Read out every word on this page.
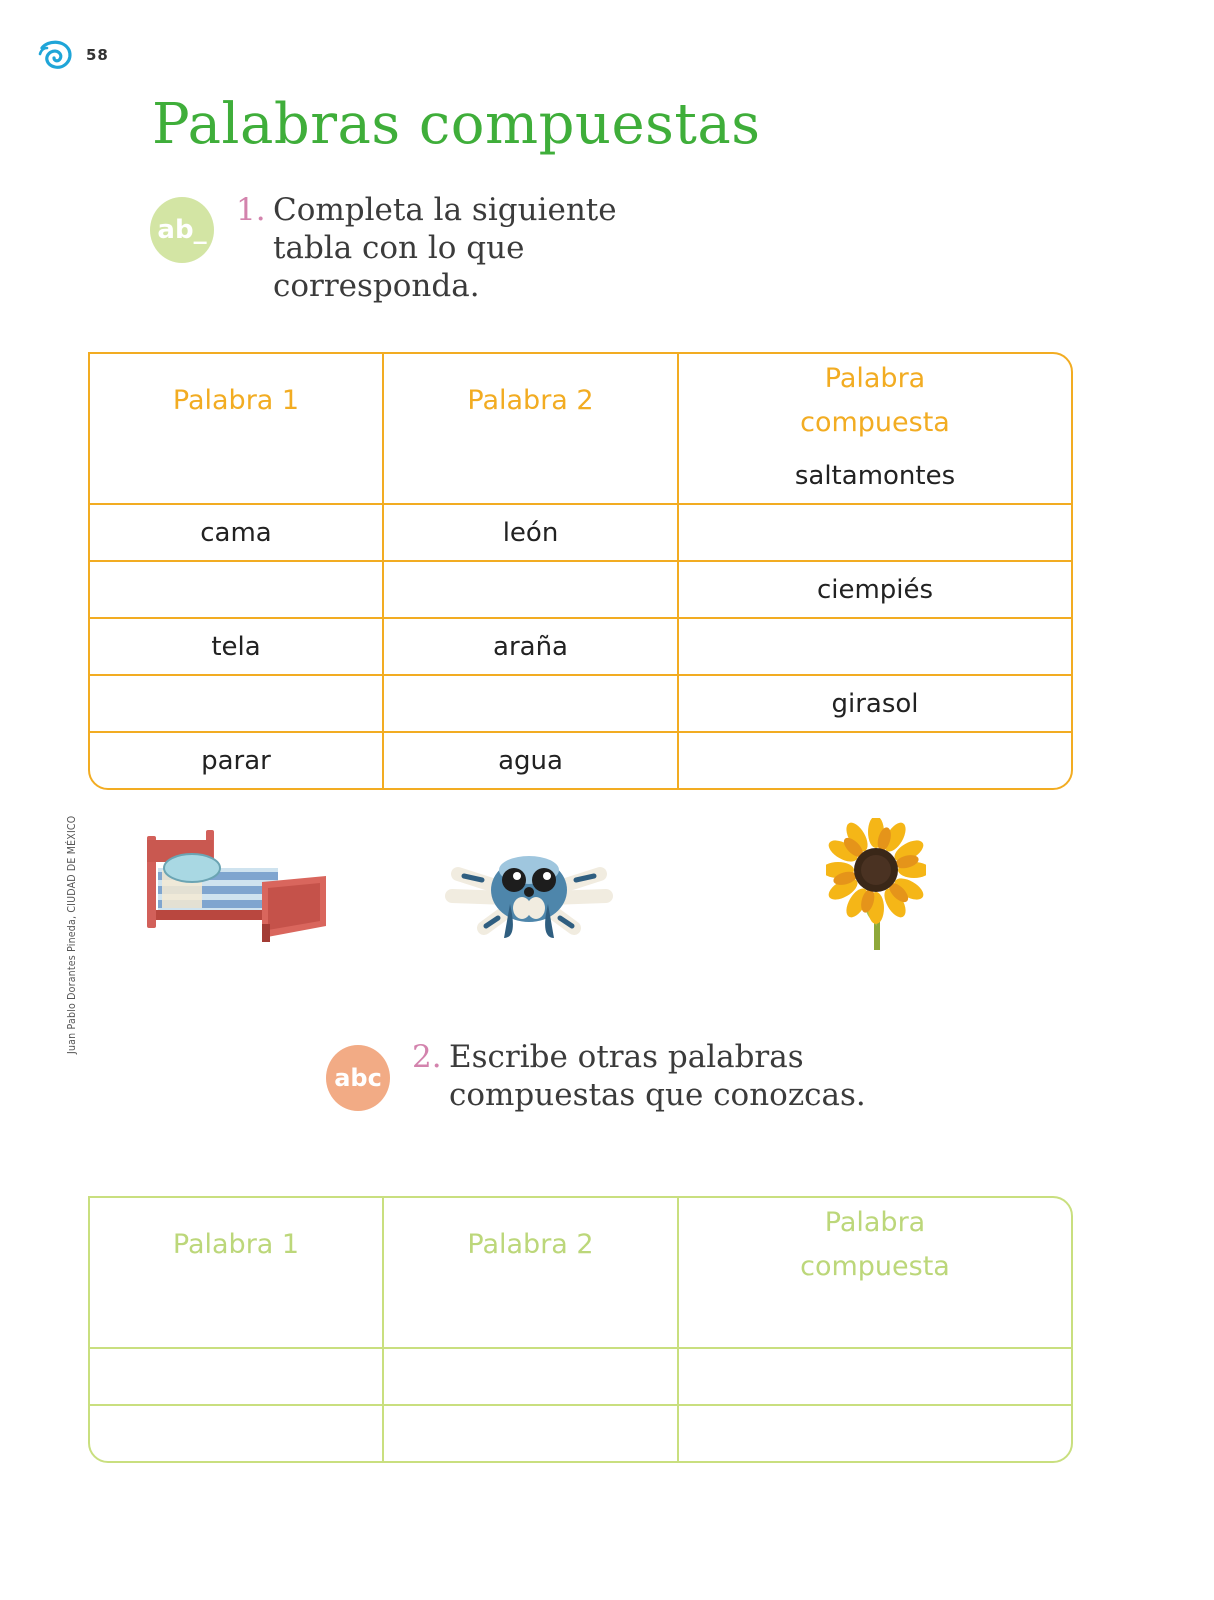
58
Palabras compuestas
ab_
1. Completa la siguiente tabla con lo que corresponda.
Palabra 1	Palabra 2	Palabra compuesta
		saltamontes
cama	león	
		ciempiés
tela	araña	
		girasol
parar	agua	
Juan Pablo Dorantes Pineda, CIUDAD DE MÉXICO
abc
2. Escribe otras palabras compuestas que conozcas.
Palabra 1	Palabra 2	Palabra compuesta
